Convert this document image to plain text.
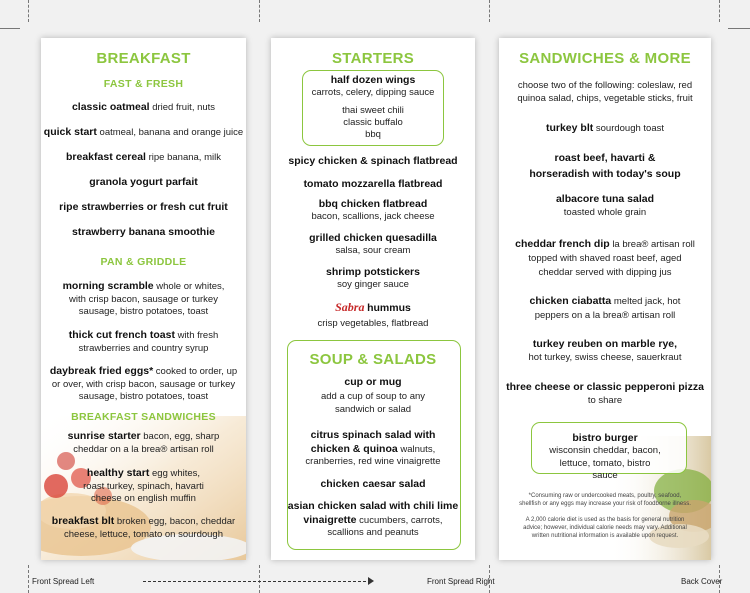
BREAKFAST
FAST & FRESH
classic oatmeal dried fruit, nuts
quick start oatmeal, banana and orange juice
breakfast cereal ripe banana, milk
granola yogurt parfait
ripe strawberries or fresh cut fruit
strawberry banana smoothie
PAN & GRIDDLE
morning scramble whole or whites, with crisp bacon, sausage or turkey sausage, bistro potatoes, toast
thick cut french toast with fresh strawberries and country syrup
daybreak fried eggs* cooked to order, up or over, with crisp bacon, sausage or turkey sausage, bistro potatoes, toast
BREAKFAST SANDWICHES
sunrise starter bacon, egg, sharp cheddar on a la brea® artisan roll
healthy start egg whites, roast turkey, spinach, havarti cheese on english muffin
breakfast blt broken egg, bacon, cheddar cheese, lettuce, tomato on sourdough
STARTERS
half dozen wings
carrots, celery, dipping sauce
thai sweet chili
classic buffalo
bbq
spicy chicken & spinach flatbread
tomato mozzarella flatbread
bbq chicken flatbread
bacon, scallions, jack cheese
grilled chicken quesadilla
salsa, sour cream
shrimp potstickers
soy ginger sauce
Sabra hummus
crisp vegetables, flatbread
SOUP & SALADS
cup or mug
add a cup of soup to any sandwich or salad
citrus spinach salad with chicken & quinoa walnuts, cranberries, red wine vinaigrette
chicken caesar salad
asian chicken salad with chili lime vinaigrette cucumbers, carrots, scallions and peanuts
SANDWICHES & MORE
choose two of the following: coleslaw, red quinoa salad, chips, vegetable sticks, fruit
turkey blt sourdough toast
roast beef, havarti & horseradish with today's soup
albacore tuna salad
toasted whole grain
cheddar french dip la brea® artisan roll topped with shaved roast beef, aged cheddar served with dipping jus
chicken ciabatta melted jack, hot peppers on a la brea® artisan roll
turkey reuben on marble rye,
hot turkey, swiss cheese, sauerkraut
three cheese or classic pepperoni pizza
to share
bistro burger
wisconsin cheddar, bacon, lettuce, tomato, bistro sauce
*Consuming raw or undercooked meats, poultry, seafood, shellfish or any eggs may increase your risk of foodborne illness.
A 2,000 calorie diet is used as the basis for general nutrition advice; however, individual calorie needs may vary. Additional written nutritional information is available upon request.
Front Spread Left	Front Spread Right	Back Cover
